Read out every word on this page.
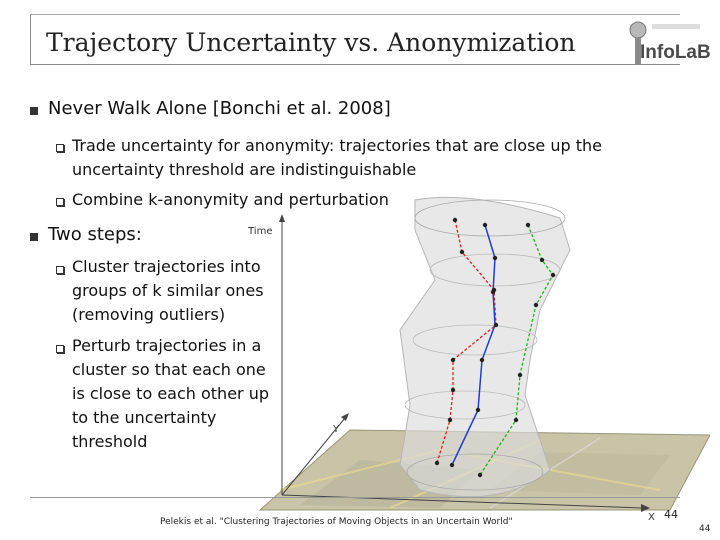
Trajectory Uncertainty vs. Anonymization	InfoLaB
Never Walk Alone [Bonchi et al. 2008]
Trade uncertainty for anonymity: trajectories that are close up the uncertainty threshold are indistinguishable
Combine k-anonymity and perturbation
Two steps:
Cluster trajectories into groups of k similar ones (removing outliers)
Perturb trajectories in a cluster so that each one is close to each other up to the uncertainty threshold
Time
Y
X
Pelekis et al. "Clustering Trajectories of Moving Objects in an Uncertain World"
44
44
